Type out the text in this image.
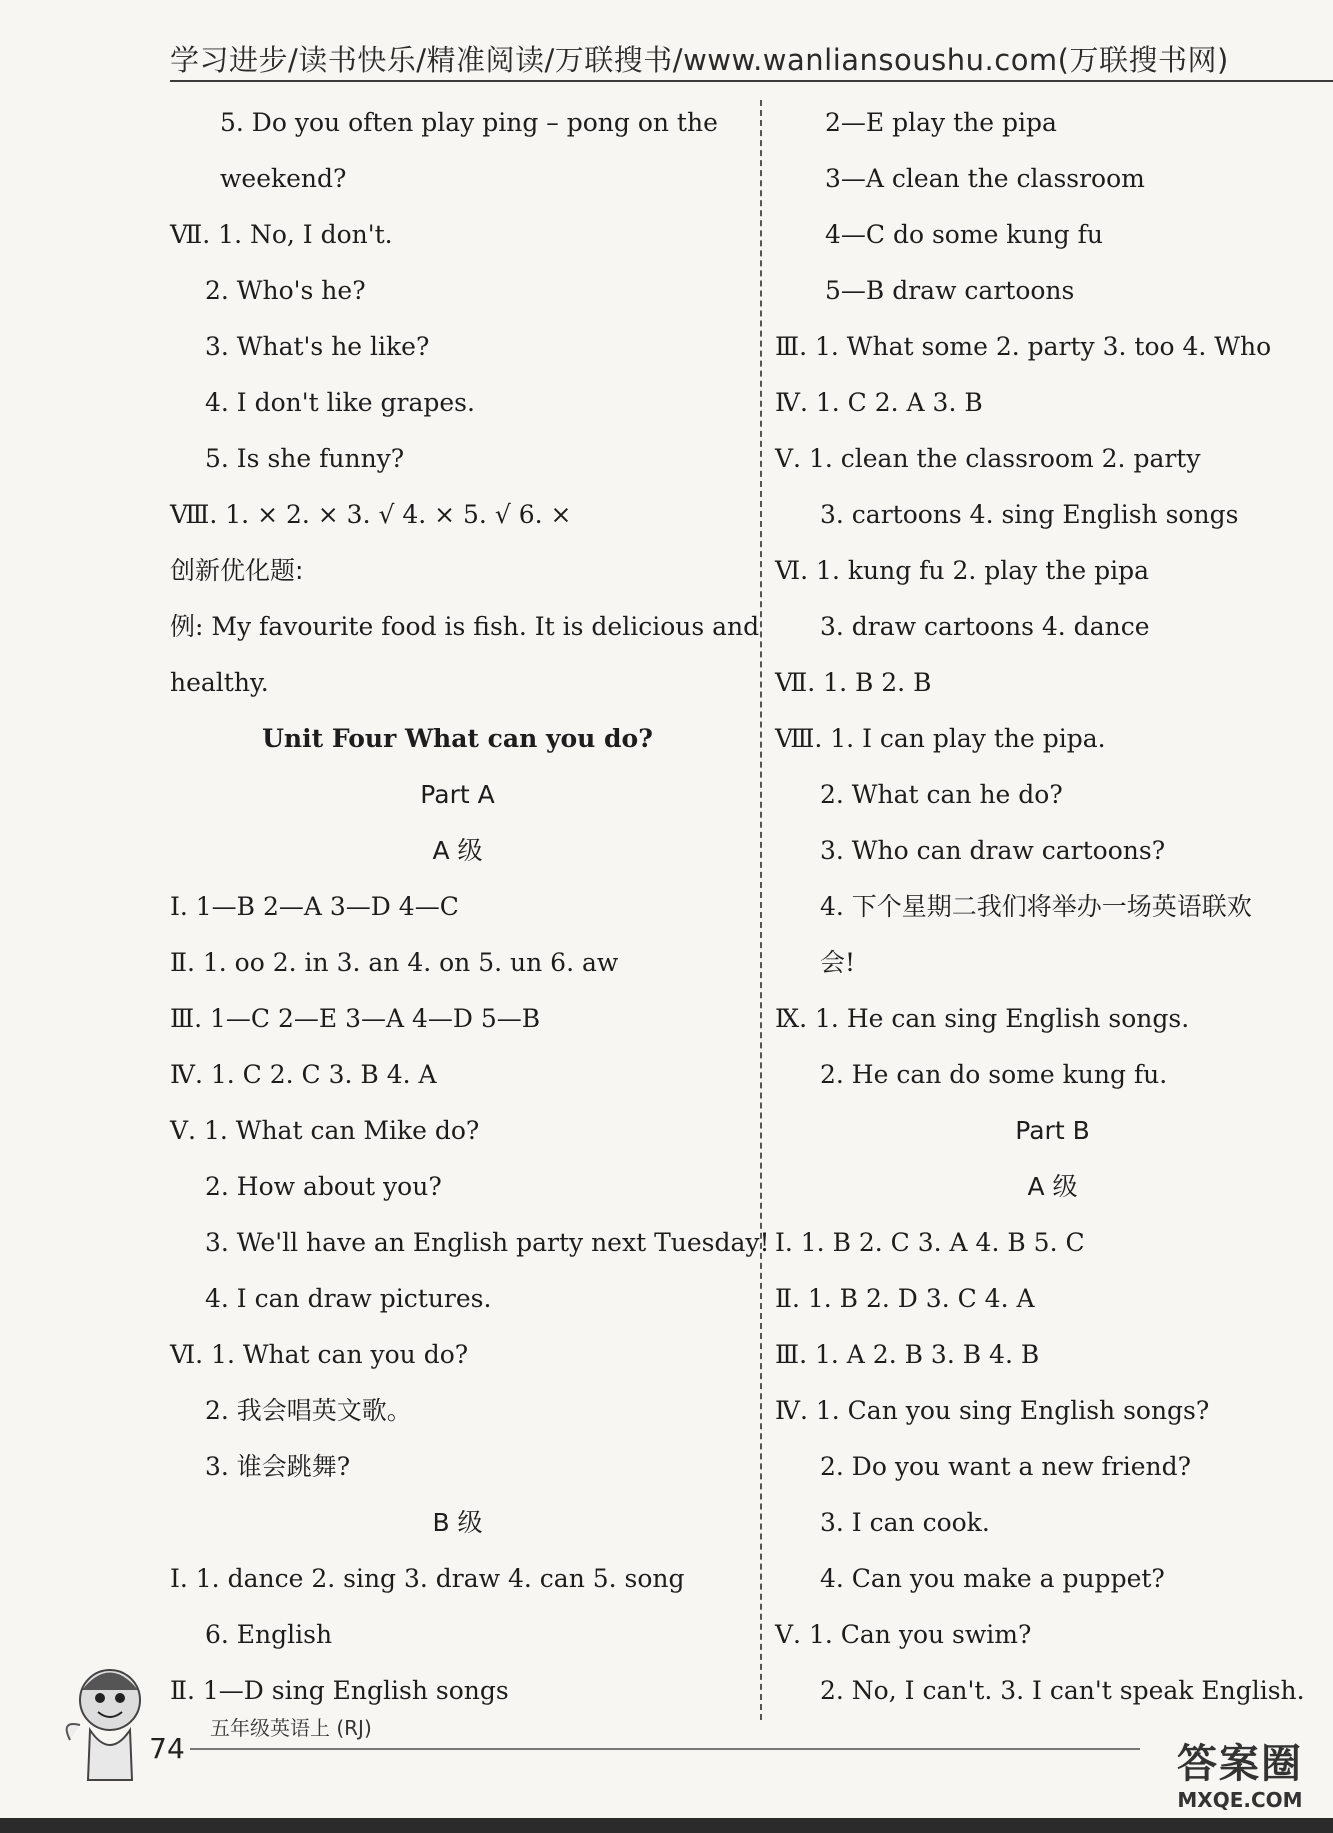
学习进步/读书快乐/精准阅读/万联搜书/www.wanliansoushu.com(万联搜书网)
5. Do you often play ping – pong on the
weekend?
Ⅶ. 1. No, I don't.
2. Who's he?
3. What's he like?
4. I don't like grapes.
5. Is she funny?
Ⅷ. 1. × 2. × 3. √ 4. × 5. √ 6. ×
创新优化题:
例: My favourite food is fish. It is delicious and
healthy.
Unit Four What can you do?
Part A
A 级
Ⅰ. 1—B 2—A 3—D 4—C
Ⅱ. 1. oo 2. in 3. an 4. on 5. un 6. aw
Ⅲ. 1—C 2—E 3—A 4—D 5—B
Ⅳ. 1. C 2. C 3. B 4. A
Ⅴ. 1. What can Mike do?
2. How about you?
3. We'll have an English party next Tuesday!
4. I can draw pictures.
Ⅵ. 1. What can you do?
2. 我会唱英文歌。
3. 谁会跳舞?
B 级
Ⅰ. 1. dance 2. sing 3. draw 4. can 5. song
6. English
Ⅱ. 1—D sing English songs
2—E play the pipa
3—A clean the classroom
4—C do some kung fu
5—B draw cartoons
Ⅲ. 1. What some 2. party 3. too 4. Who
Ⅳ. 1. C 2. A 3. B
Ⅴ. 1. clean the classroom 2. party
3. cartoons 4. sing English songs
Ⅵ. 1. kung fu 2. play the pipa
3. draw cartoons 4. dance
Ⅶ. 1. B 2. B
Ⅷ. 1. I can play the pipa.
2. What can he do?
3. Who can draw cartoons?
4. 下个星期二我们将举办一场英语联欢
会!
Ⅸ. 1. He can sing English songs.
2. He can do some kung fu.
Part B
A 级
Ⅰ. 1. B 2. C 3. A 4. B 5. C
Ⅱ. 1. B 2. D 3. C 4. A
Ⅲ. 1. A 2. B 3. B 4. B
Ⅳ. 1. Can you sing English songs?
2. Do you want a new friend?
3. I can cook.
4. Can you make a puppet?
Ⅴ. 1. Can you swim?
2. No, I can't. 3. I can't speak English.
74
五年级英语上 (RJ)
答案圈
MXQE.COM
